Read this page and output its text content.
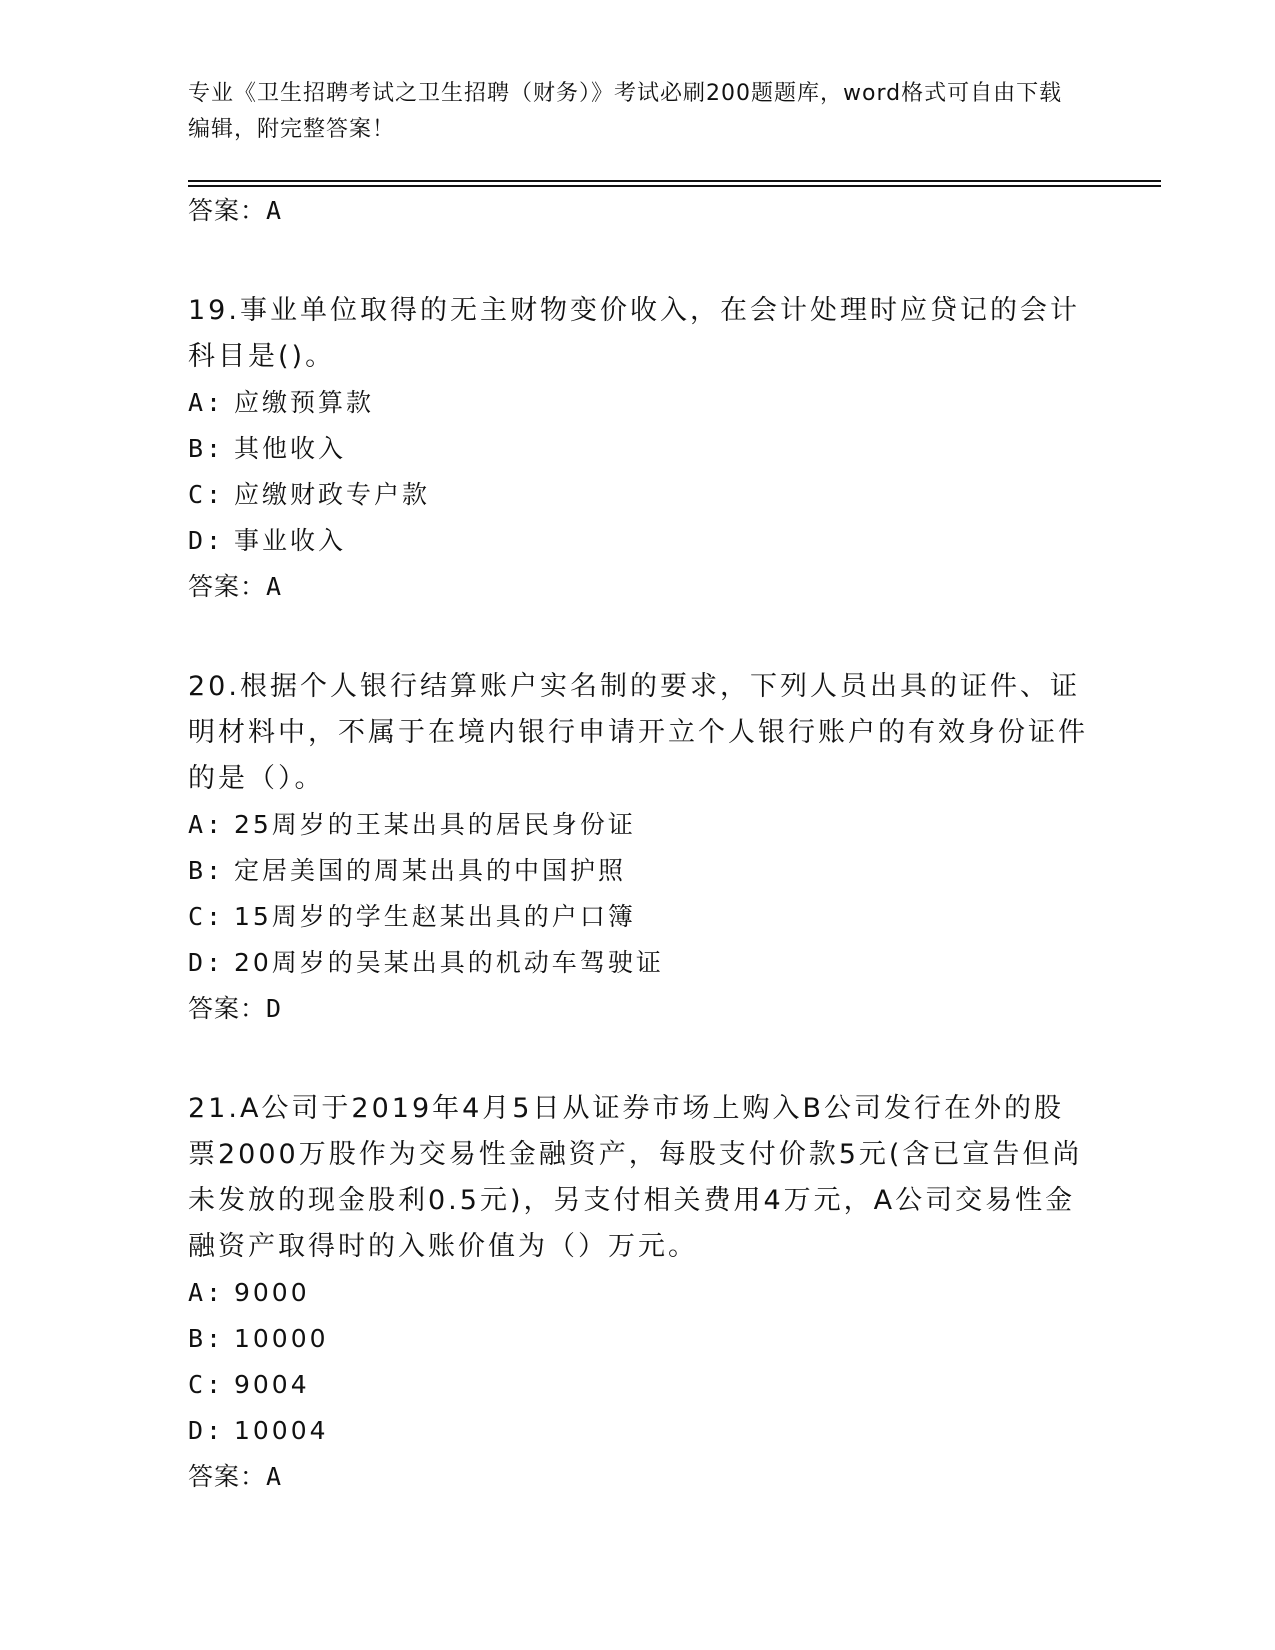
专业《卫生招聘考试之卫生招聘（财务）》考试必刷200题题库，word格式可自由下载编辑，附完整答案！
答案：A

19.事业单位取得的无主财物变价收入，在会计处理时应贷记的会计科目是()。

A: 应缴预算款
B: 其他收入
C: 应缴财政专户款
D: 事业收入
答案：A

20.根据个人银行结算账户实名制的要求，下列人员出具的证件、证明材料中，不属于在境内银行申请开立个人银行账户的有效身份证件的是（）。

A: 25周岁的王某出具的居民身份证
B: 定居美国的周某出具的中国护照
C: 15周岁的学生赵某出具的户口簿
D: 20周岁的吴某出具的机动车驾驶证
答案：D

21.A公司于2019年4月5日从证券市场上购入B公司发行在外的股票2000万股作为交易性金融资产，每股支付价款5元(含已宣告但尚未发放的现金股利0.5元)，另支付相关费用4万元，A公司交易性金融资产取得时的入账价值为（）万元。

A: 9000
B: 10000
C: 9004
D: 10004
答案：A
